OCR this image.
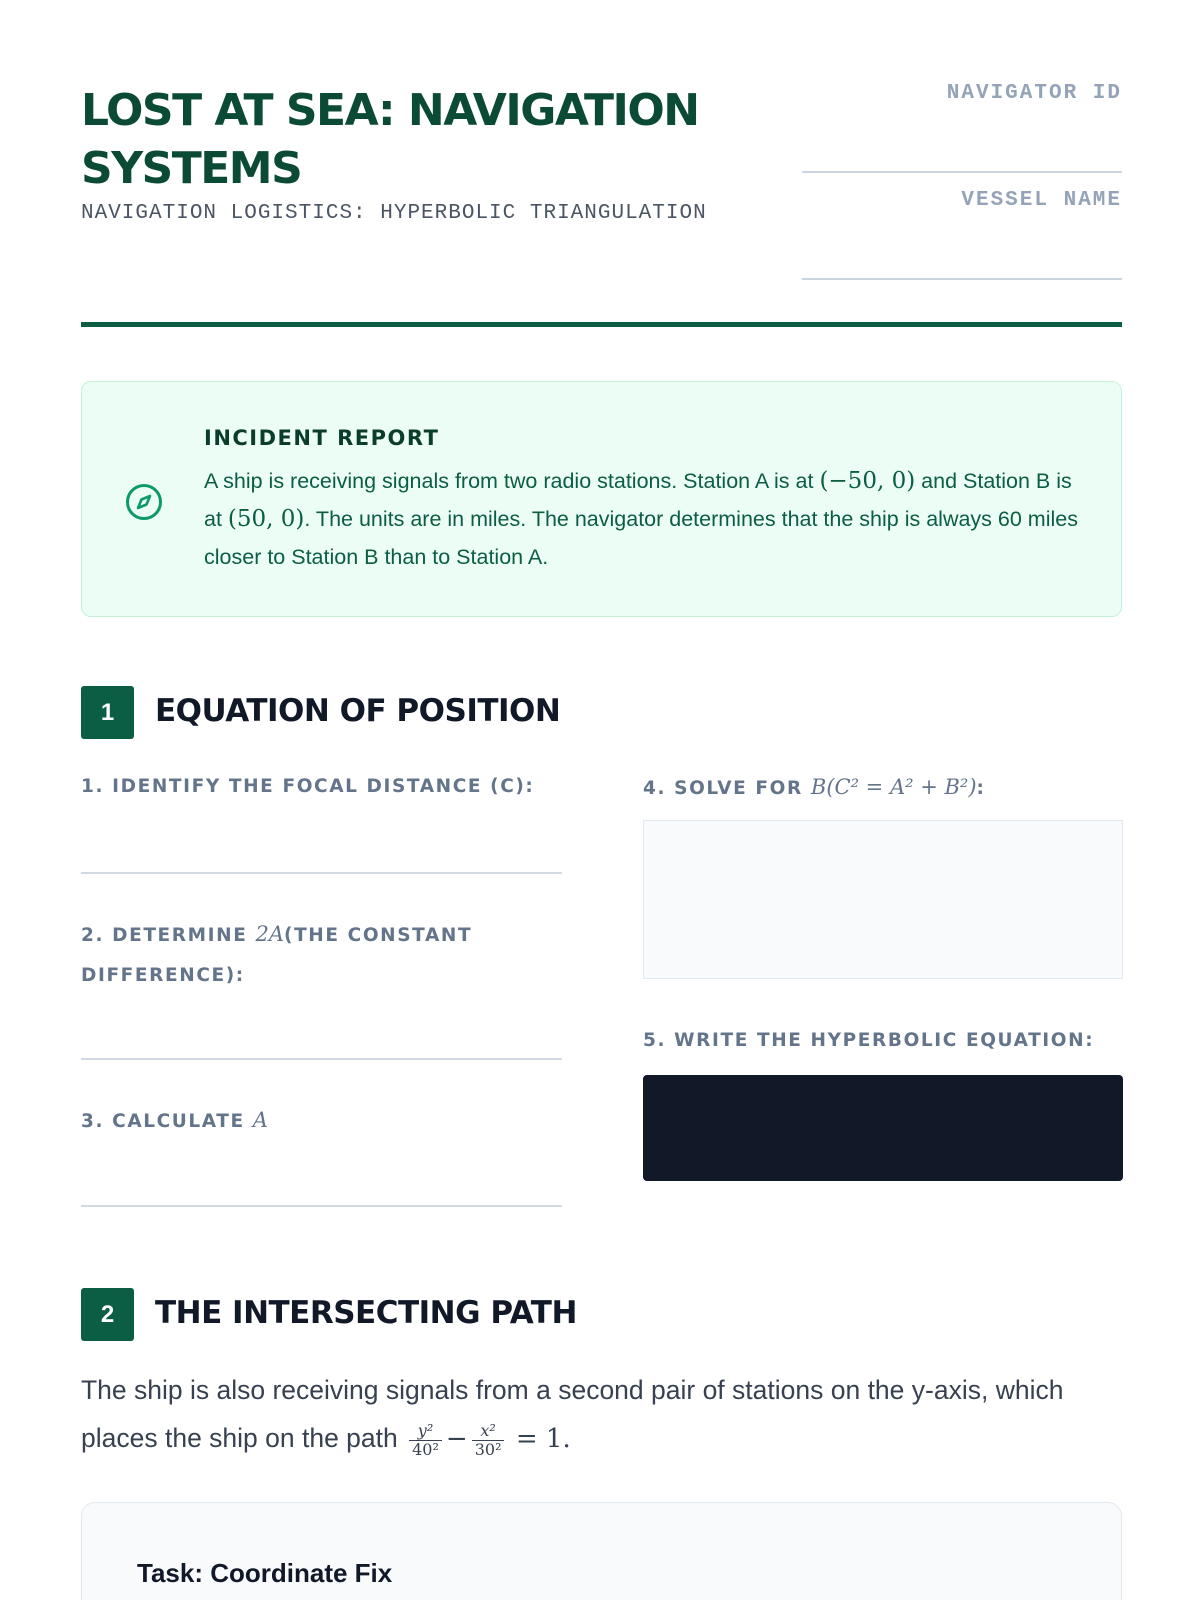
LOST AT SEA: NAVIGATION SYSTEMS
NAVIGATION LOGISTICS: HYPERBOLIC TRIANGULATION
NAVIGATOR ID
VESSEL NAME
INCIDENT REPORT

A ship is receiving signals from two radio stations. Station A is at (−50, 0) and Station B is at (50, 0). The units are in miles. The navigator determines that the ship is always 60 miles closer to Station B than to Station A.

1	EQUATION OF POSITION
1. IDENTIFY THE FOCAL DISTANCE (C):
2. DETERMINE 2A(THE CONSTANT DIFFERENCE):
3. CALCULATE A
4. SOLVE FOR B(C² = A² + B²):
5. WRITE THE HYPERBOLIC EQUATION:
2	THE INTERSECTING PATH

The ship is also receiving signals from a second pair of stations on the y-axis, which places the ship on the path $\frac{\text{y²}}{\text{40²}} - \frac{\text{x²}}{\text{30²}} = 1$.

Task: Coordinate Fix
